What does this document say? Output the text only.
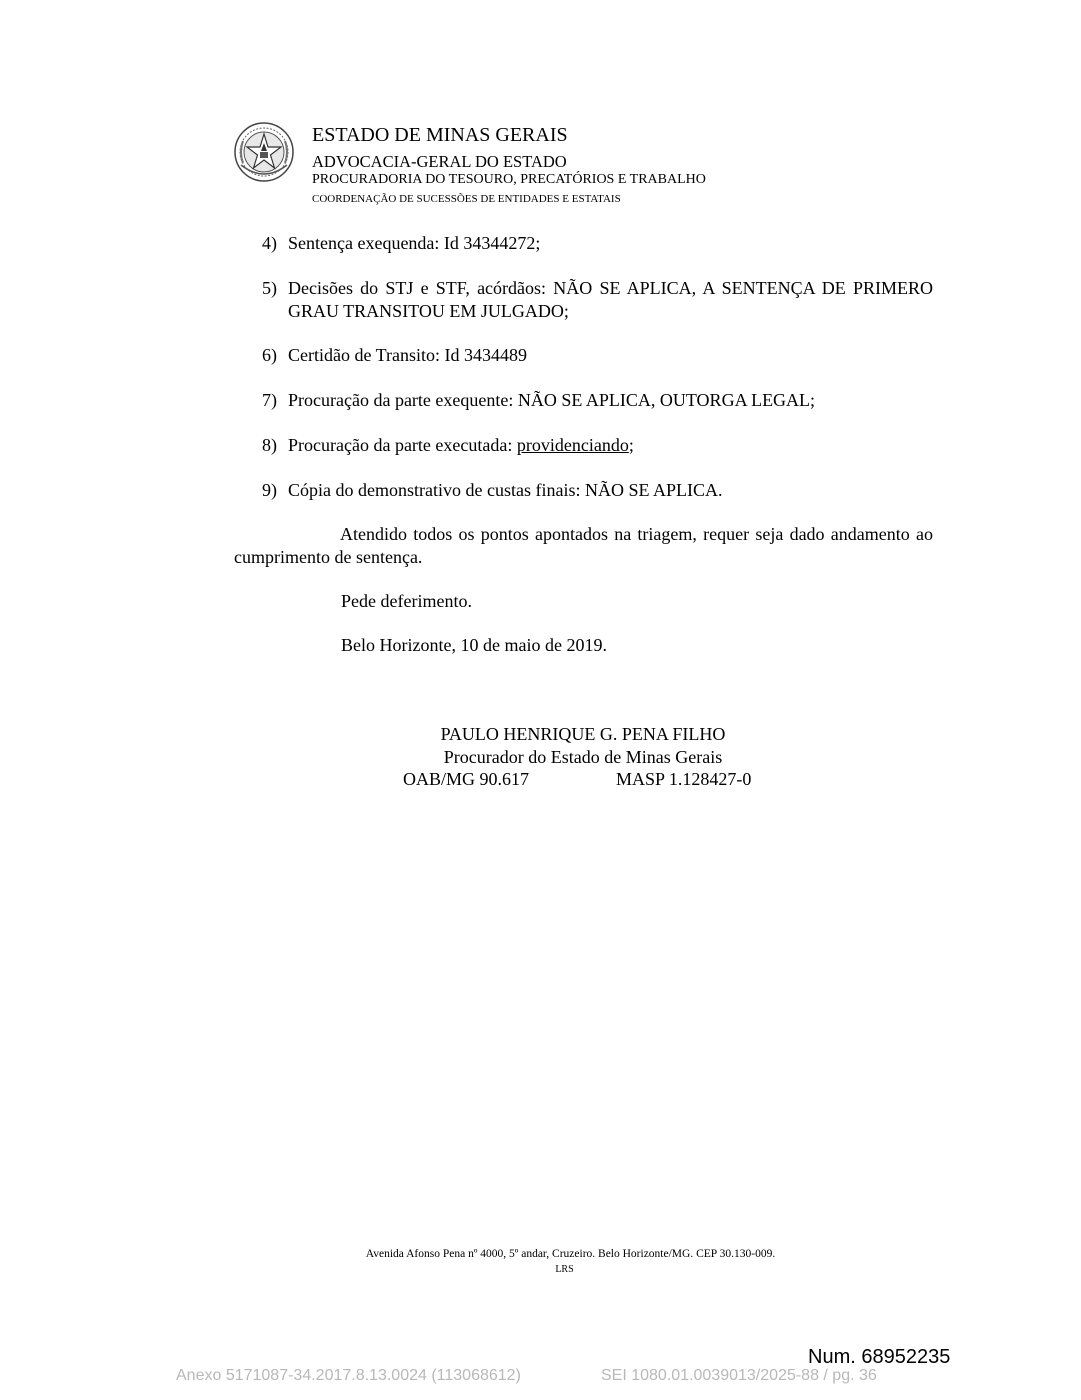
ESTADO DE MINAS GERAIS
ADVOCACIA-GERAL DO ESTADO
PROCURADORIA DO TESOURO, PRECATÓRIOS E TRABALHO
COORDENAÇÃO DE SUCESSÕES DE ENTIDADES E ESTATAIS
4) Sentença exequenda: Id 34344272;
5) Decisões do STJ e STF, acórdãos: NÃO SE APLICA, A SENTENÇA DE PRIMERO GRAU TRANSITOU EM JULGADO;
6) Certidão de Transito: Id 3434489
7) Procuração da parte exequente: NÃO SE APLICA, OUTORGA LEGAL;
8) Procuração da parte executada: providenciando;
9) Cópia do demonstrativo de custas finais: NÃO SE APLICA.
Atendido todos os pontos apontados na triagem, requer seja dado andamento ao cumprimento de sentença.
Pede deferimento.
Belo Horizonte, 10 de maio de 2019.
PAULO HENRIQUE G. PENA FILHO
Procurador do Estado de Minas Gerais
OAB/MG 90.617	MASP 1.128427-0
Avenida Afonso Pena nº 4000, 5º andar, Cruzeiro. Belo Horizonte/MG. CEP 30.130-009.
LRS
Num. 68952235
Anexo 5171087-34.2017.8.13.0024 (113068612)	SEI 1080.01.0039013/2025-88 / pg. 36
